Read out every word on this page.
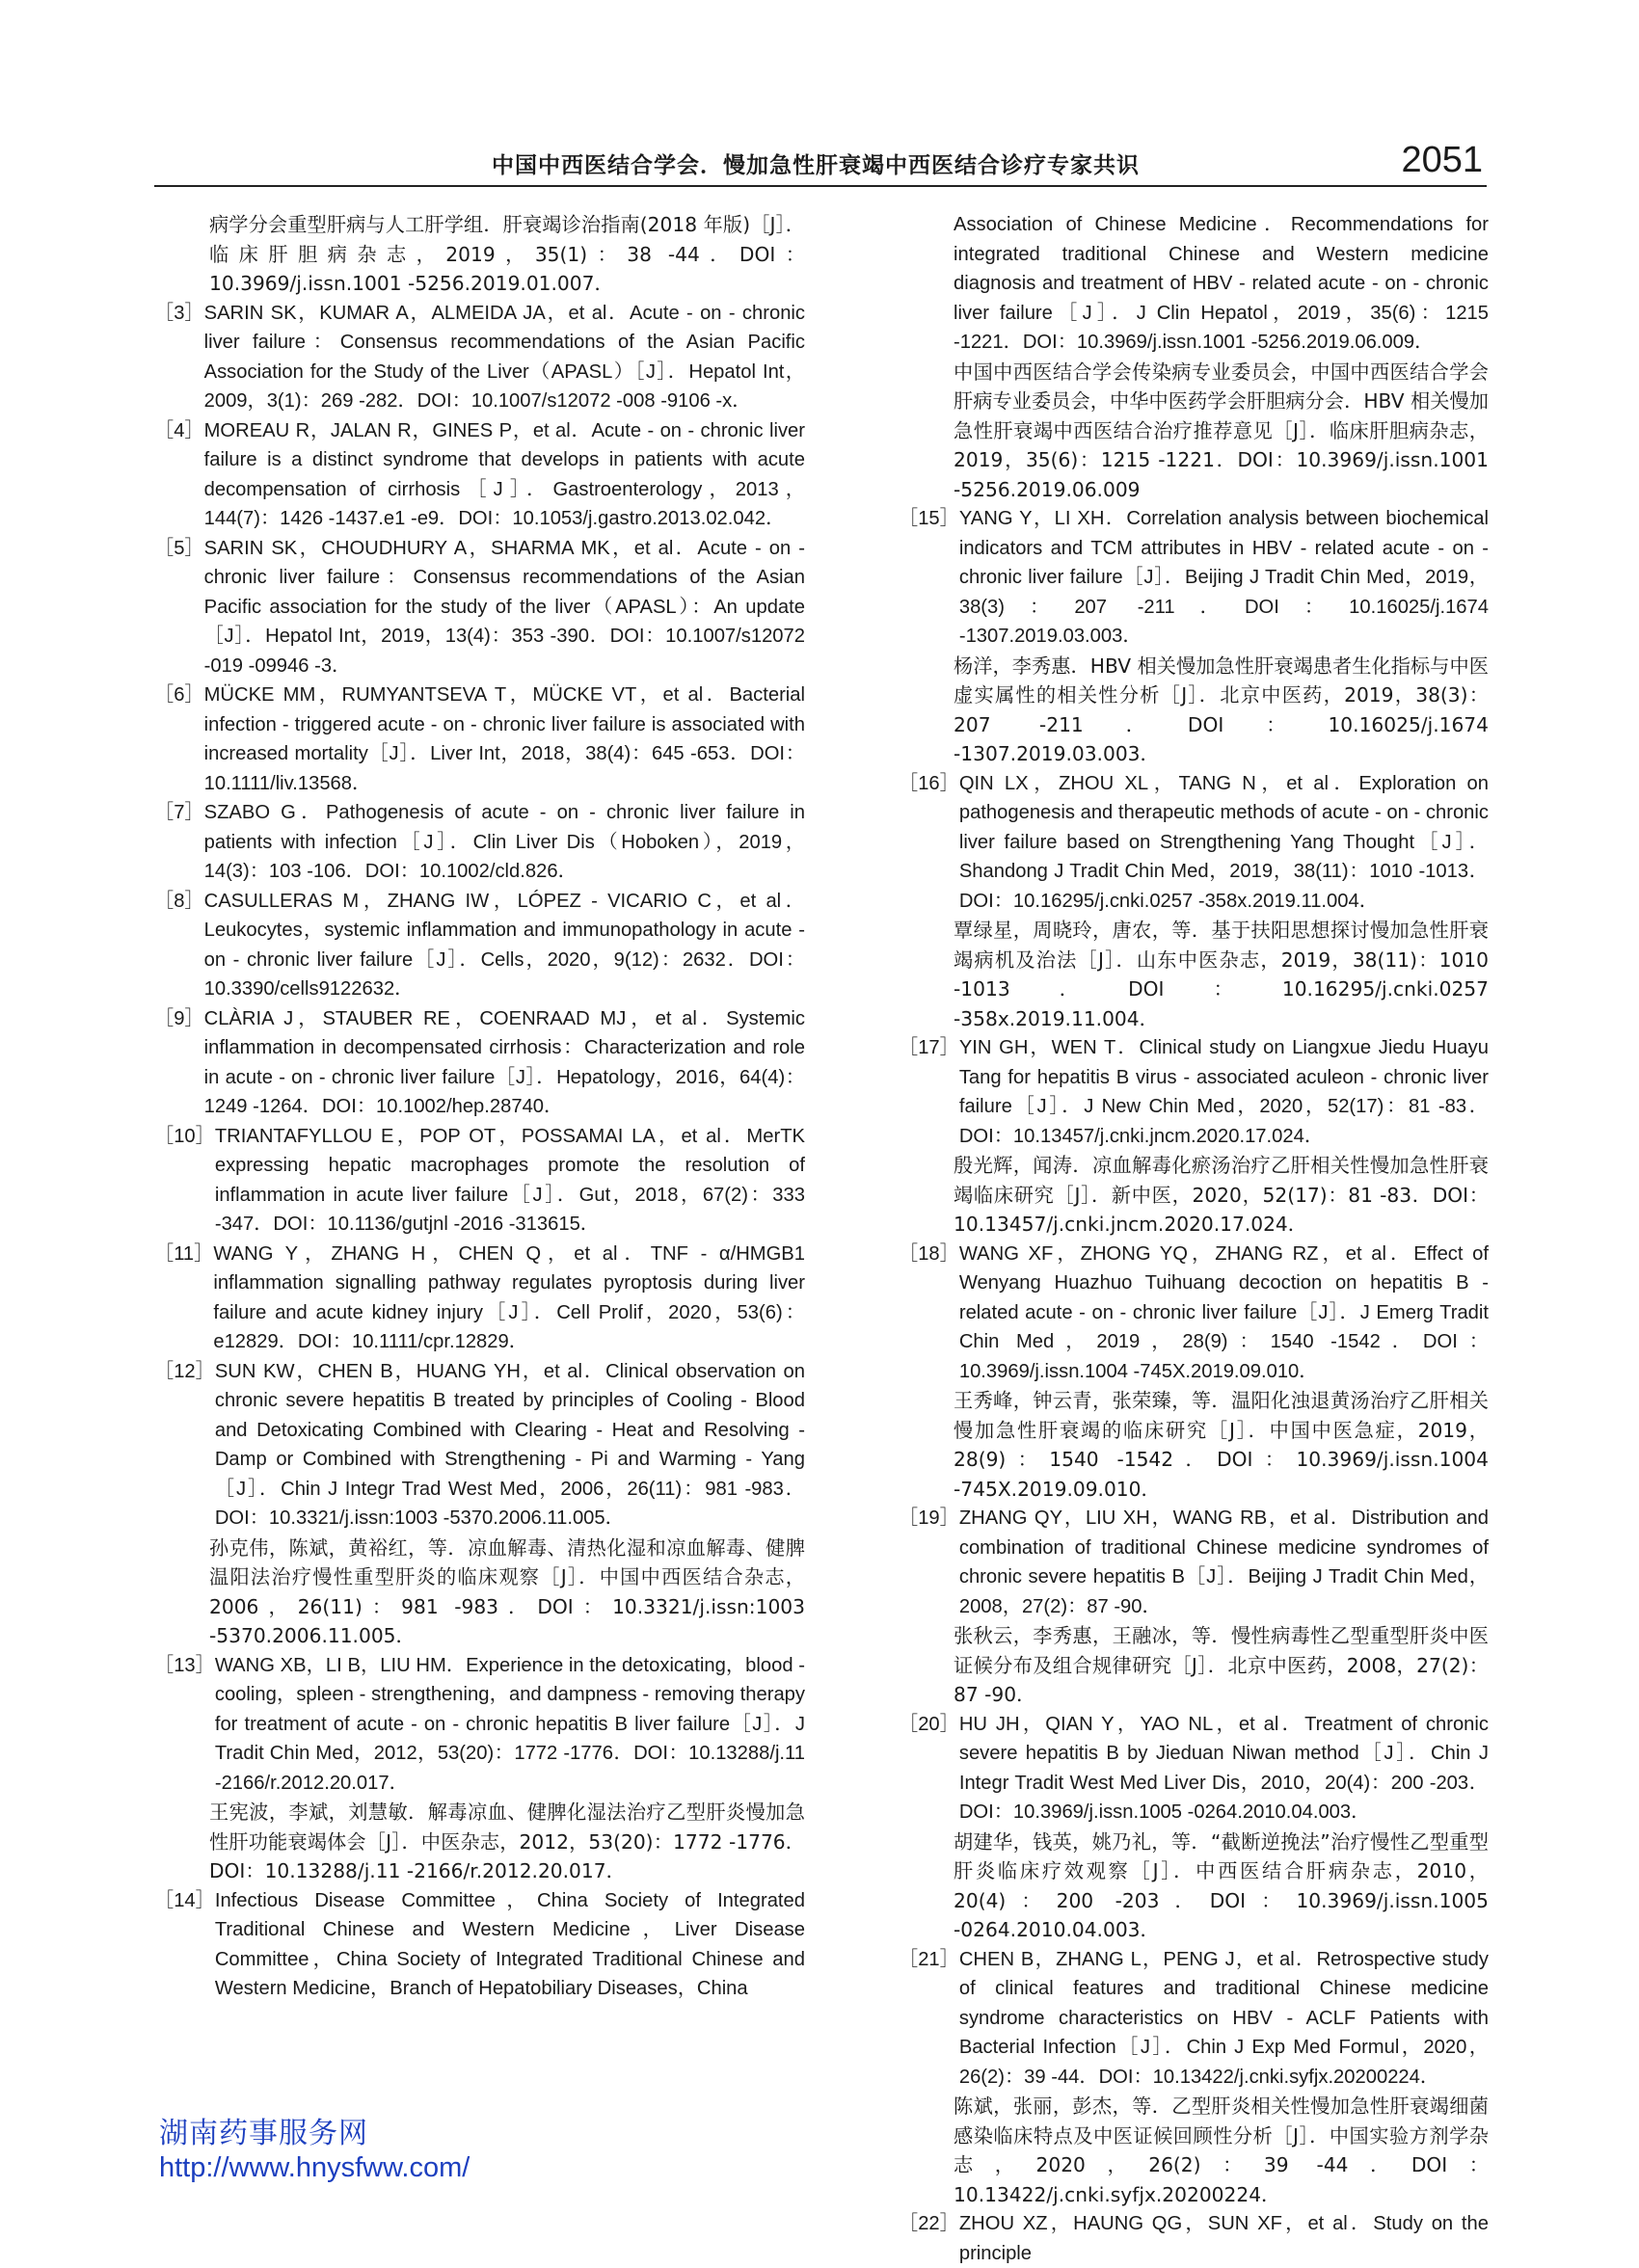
中国中西医结合学会．慢加急性肝衰竭中西医结合诊疗专家共识	2051
病学分会重型肝病与人工肝学组．肝衰竭诊治指南(2018 年版)［J］．临床肝胆病杂志，2019，35(1)：38 -44．DOI：10.3969/j.issn.1001 -5256.2019.01.007．
［3］ SARIN SK，KUMAR A，ALMEIDA JA，et al．Acute - on - chronic liver failure：Consensus recommendations of the Asian Pacific Association for the Study of the Liver（APASL）［J］．Hepatol Int，2009，3(1)：269 -282．DOI：10.1007/s12072 -008 -9106 -x．
［4］ MOREAU R，JALAN R，GINES P，et al．Acute - on - chronic liver failure is a distinct syndrome that develops in patients with acute decompensation of cirrhosis［J］．Gastroenterology，2013，144(7)：1426 -1437.e1 -e9．DOI：10.1053/j.gastro.2013.02.042．
［5］ SARIN SK，CHOUDHURY A，SHARMA MK，et al．Acute - on - chronic liver failure：Consensus recommendations of the Asian Pacific association for the study of the liver（APASL）：An update［J］．Hepatol Int，2019，13(4)：353 -390．DOI：10.1007/s12072 -019 -09946 -3．
［6］ MÜCKE MM，RUMYANTSEVA T，MÜCKE VT，et al．Bacterial infection - triggered acute - on - chronic liver failure is associated with increased mortality［J］．Liver Int，2018，38(4)：645 -653．DOI：10.1111/liv.13568．
［7］ SZABO G．Pathogenesis of acute - on - chronic liver failure in patients with infection［J］．Clin Liver Dis（Hoboken），2019，14(3)：103 -106．DOI：10.1002/cld.826．
［8］ CASULLERAS M，ZHANG IW，LÓPEZ - VICARIO C，et al．Leukocytes，systemic inflammation and immunopathology in acute - on - chronic liver failure［J］．Cells，2020，9(12)：2632．DOI：10.3390/cells9122632．
［9］ CLÀRIA J，STAUBER RE，COENRAAD MJ，et al．Systemic inflammation in decompensated cirrhosis：Characterization and role in acute - on - chronic liver failure［J］．Hepatology，2016，64(4)：1249 -1264．DOI：10.1002/hep.28740．
［10］ TRIANTAFYLLOU E，POP OT，POSSAMAI LA，et al．MerTK expressing hepatic macrophages promote the resolution of inflammation in acute liver failure［J］．Gut，2018，67(2)：333 -347．DOI：10.1136/gutjnl -2016 -313615．
［11］ WANG Y，ZHANG H，CHEN Q，et al．TNF - α/HMGB1 inflammation signalling pathway regulates pyroptosis during liver failure and acute kidney injury［J］．Cell Prolif，2020，53(6)：e12829．DOI：10.1111/cpr.12829．
［12］ SUN KW，CHEN B，HUANG YH，et al．Clinical observation on chronic severe hepatitis B treated by principles of Cooling - Blood and Detoxicating Combined with Clearing - Heat and Resolving - Damp or Combined with Strengthening - Pi and Warming - Yang［J］．Chin J Integr Trad West Med，2006，26(11)：981 -983．DOI：10.3321/j.issn:1003 -5370.2006.11.005．
孙克伟，陈斌，黄裕红，等．凉血解毒、清热化湿和凉血解毒、健脾温阳法治疗慢性重型肝炎的临床观察［J］．中国中西医结合杂志，2006，26(11)：981 -983．DOI：10.3321/j.issn:1003 -5370.2006.11.005．
［13］ WANG XB，LI B，LIU HM．Experience in the detoxicating，blood - cooling，spleen - strengthening，and dampness - removing therapy for treatment of acute - on - chronic hepatitis B liver failure［J］．J Tradit Chin Med，2012，53(20)：1772 -1776．DOI：10.13288/j.11 -2166/r.2012.20.017．
王宪波，李斌，刘慧敏．解毒凉血、健脾化湿法治疗乙型肝炎慢加急性肝功能衰竭体会［J］．中医杂志，2012，53(20)：1772 -1776．DOI：10.13288/j.11 -2166/r.2012.20.017．
［14］ Infectious Disease Committee，China Society of Integrated Traditional Chinese and Western Medicine，Liver Disease Committee，China Society of Integrated Traditional Chinese and Western Medicine，Branch of Hepatobiliary Diseases，China
Association of Chinese Medicine．Recommendations for integrated traditional Chinese and Western medicine diagnosis and treatment of HBV - related acute - on - chronic liver failure［J］．J Clin Hepatol，2019，35(6)：1215 -1221．DOI：10.3969/j.issn.1001 -5256.2019.06.009．
中国中西医结合学会传染病专业委员会，中国中西医结合学会肝病专业委员会，中华中医药学会肝胆病分会．HBV 相关慢加急性肝衰竭中西医结合治疗推荐意见［J］．临床肝胆病杂志，2019，35(6)：1215 -1221．DOI：10.3969/j.issn.1001 -5256.2019.06.009
［15］ YANG Y，LI XH．Correlation analysis between biochemical indicators and TCM attributes in HBV - related acute - on - chronic liver failure［J］．Beijing J Tradit Chin Med，2019，38(3)：207 -211．DOI：10.16025/j.1674 -1307.2019.03.003．
杨洋，李秀惠．HBV 相关慢加急性肝衰竭患者生化指标与中医虚实属性的相关性分析［J］．北京中医药，2019，38(3)：207 -211．DOI：10.16025/j.1674 -1307.2019.03.003．
［16］ QIN LX，ZHOU XL，TANG N，et al．Exploration on pathogenesis and therapeutic methods of acute - on - chronic liver failure based on Strengthening Yang Thought［J］．Shandong J Tradit Chin Med，2019，38(11)：1010 -1013．DOI：10.16295/j.cnki.0257 -358x.2019.11.004．
覃绿星，周晓玲，唐农，等．基于扶阳思想探讨慢加急性肝衰竭病机及治法［J］．山东中医杂志，2019，38(11)：1010 -1013．DOI：10.16295/j.cnki.0257 -358x.2019.11.004．
［17］ YIN GH，WEN T．Clinical study on Liangxue Jiedu Huayu Tang for hepatitis B virus - associated aculeon - chronic liver failure［J］．J New Chin Med，2020，52(17)：81 -83．DOI：10.13457/j.cnki.jncm.2020.17.024．
殷光辉，闻涛．凉血解毒化瘀汤治疗乙肝相关性慢加急性肝衰竭临床研究［J］．新中医，2020，52(17)：81 -83．DOI：10.13457/j.cnki.jncm.2020.17.024．
［18］ WANG XF，ZHONG YQ，ZHANG RZ，et al．Effect of Wenyang Huazhuo Tuihuang decoction on hepatitis B - related acute - on - chronic liver failure［J］．J Emerg Tradit Chin Med，2019，28(9)：1540 -1542．DOI：10.3969/j.issn.1004 -745X.2019.09.010．
王秀峰，钟云青，张荣臻，等．温阳化浊退黄汤治疗乙肝相关慢加急性肝衰竭的临床研究［J］．中国中医急症，2019，28(9)：1540 -1542．DOI：10.3969/j.issn.1004 -745X.2019.09.010．
［19］ ZHANG QY，LIU XH，WANG RB，et al．Distribution and combination of traditional Chinese medicine syndromes of chronic severe hepatitis B［J］．Beijing J Tradit Chin Med，2008，27(2)：87 -90．
张秋云，李秀惠，王融冰，等．慢性病毒性乙型重型肝炎中医证候分布及组合规律研究［J］．北京中医药，2008，27(2)：87 -90．
［20］ HU JH，QIAN Y，YAO NL，et al．Treatment of chronic severe hepatitis B by Jieduan Niwan method［J］．Chin J Integr Tradit West Med Liver Dis，2010，20(4)：200 -203．DOI：10.3969/j.issn.1005 -0264.2010.04.003．
胡建华，钱英，姚乃礼，等．“截断逆挽法”治疗慢性乙型重型肝炎临床疗效观察［J］．中西医结合肝病杂志，2010，20(4)：200 -203．DOI：10.3969/j.issn.1005 -0264.2010.04.003．
［21］ CHEN B，ZHANG L，PENG J，et al．Retrospective study of clinical features and traditional Chinese medicine syndrome characteristics on HBV - ACLF Patients with Bacterial Infection［J］．Chin J Exp Med Formul，2020，26(2)：39 -44．DOI：10.13422/j.cnki.syfjx.20200224．
陈斌，张丽，彭杰，等．乙型肝炎相关性慢加急性肝衰竭细菌感染临床特点及中医证候回顾性分析［J］．中国实验方剂学杂志，2020，26(2)：39 -44．DOI：10.13422/j.cnki.syfjx.20200224．
［22］ ZHOU XZ，HAUNG QG，SUN XF，et al．Study on the principle
湖南药事服务网
http://www.hnysfww.com/
